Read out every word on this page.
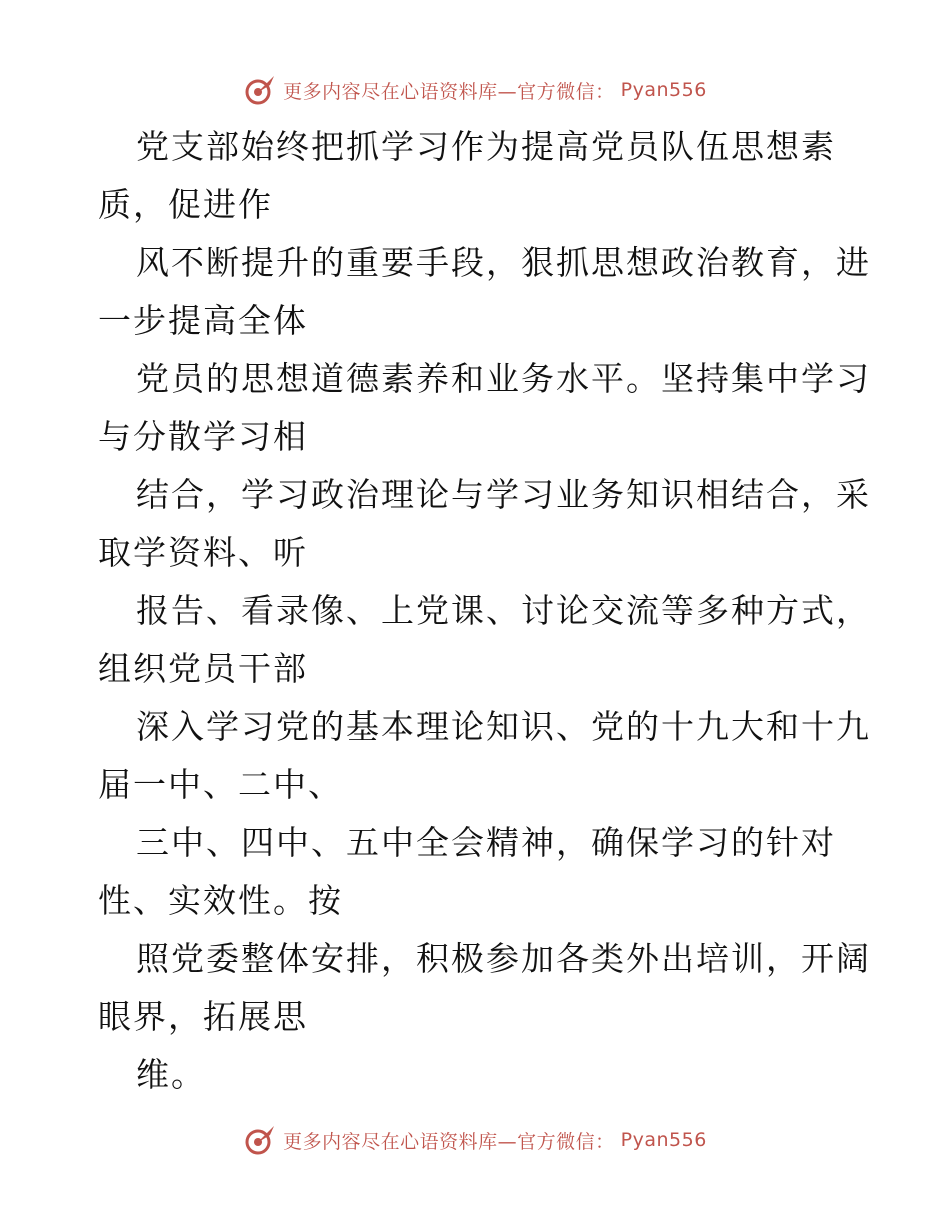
更多内容尽在心语资料库—官方微信： Pyan556
党支部始终把抓学习作为提高党员队伍思想素
质，促进作
风不断提升的重要手段，狠抓思想政治教育，进
一步提高全体
党员的思想道德素养和业务水平。坚持集中学习
与分散学习相
结合，学习政治理论与学习业务知识相结合，采
取学资料、听
报告、看录像、上党课、讨论交流等多种方式，
组织党员干部
深入学习党的基本理论知识、党的十九大和十九
届一中、二中、
三中、四中、五中全会精神，确保学习的针对
性、实效性。按
照党委整体安排，积极参加各类外出培训，开阔
眼界，拓展思
维。
更多内容尽在心语资料库—官方微信： Pyan556
